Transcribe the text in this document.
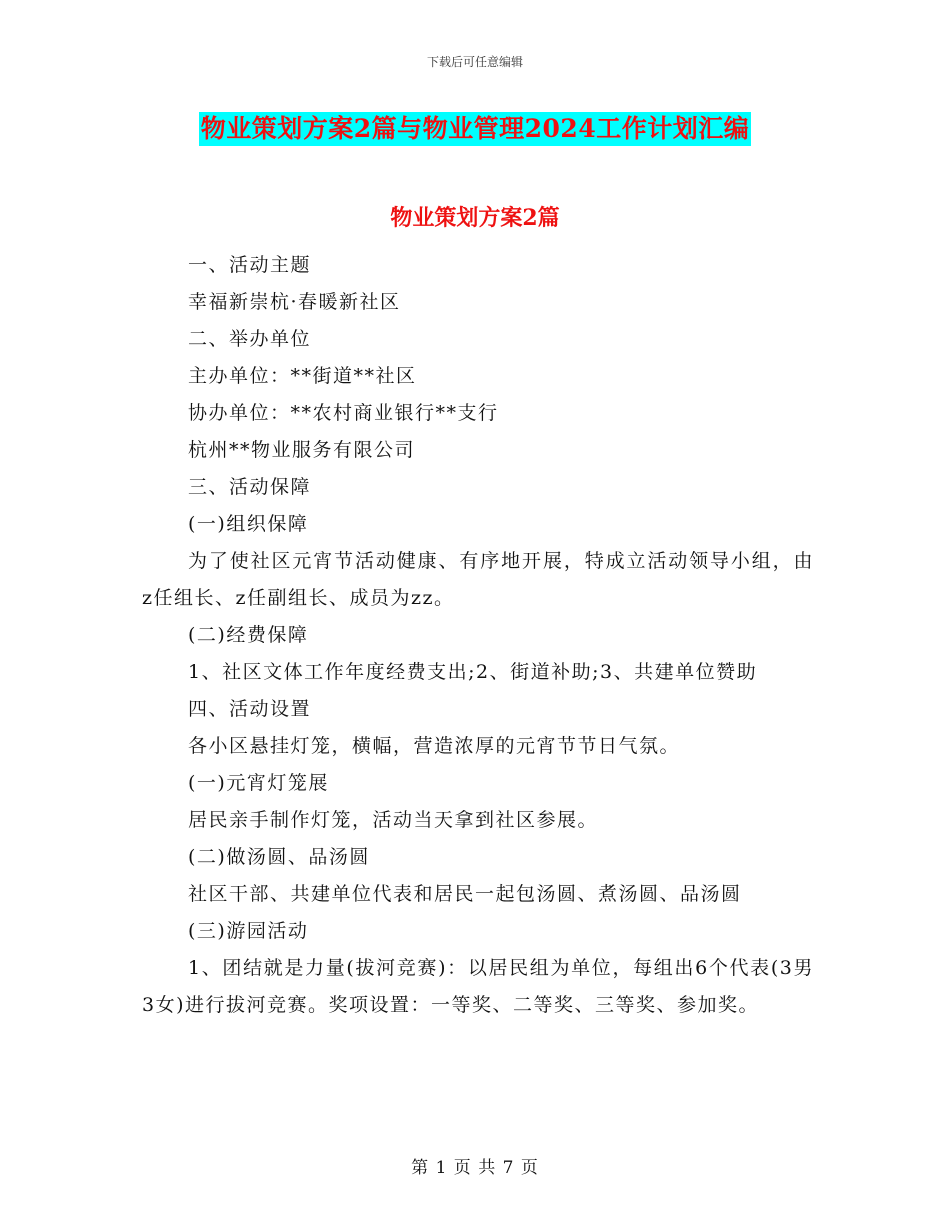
下载后可任意编辑
物业策划方案2篇与物业管理2024工作计划汇编
物业策划方案2篇

一、活动主题

幸福新崇杭·春暖新社区

二、举办单位

主办单位：**街道**社区

协办单位：**农村商业银行**支行

杭州**物业服务有限公司

三、活动保障

(一)组织保障

为了使社区元宵节活动健康、有序地开展，特成立活动领导小组，由z任组长、z任副组长、成员为zz。

(二)经费保障

1、社区文体工作年度经费支出;2、街道补助;3、共建单位赞助

四、活动设置

各小区悬挂灯笼，横幅，营造浓厚的元宵节节日气氛。

(一)元宵灯笼展

居民亲手制作灯笼，活动当天拿到社区参展。

(二)做汤圆、品汤圆

社区干部、共建单位代表和居民一起包汤圆、煮汤圆、品汤圆

(三)游园活动

1、团结就是力量(拔河竞赛)：以居民组为单位，每组出6个代表(3男3女)进行拔河竞赛。奖项设置：一等奖、二等奖、三等奖、参加奖。

第 1 页 共 7 页
